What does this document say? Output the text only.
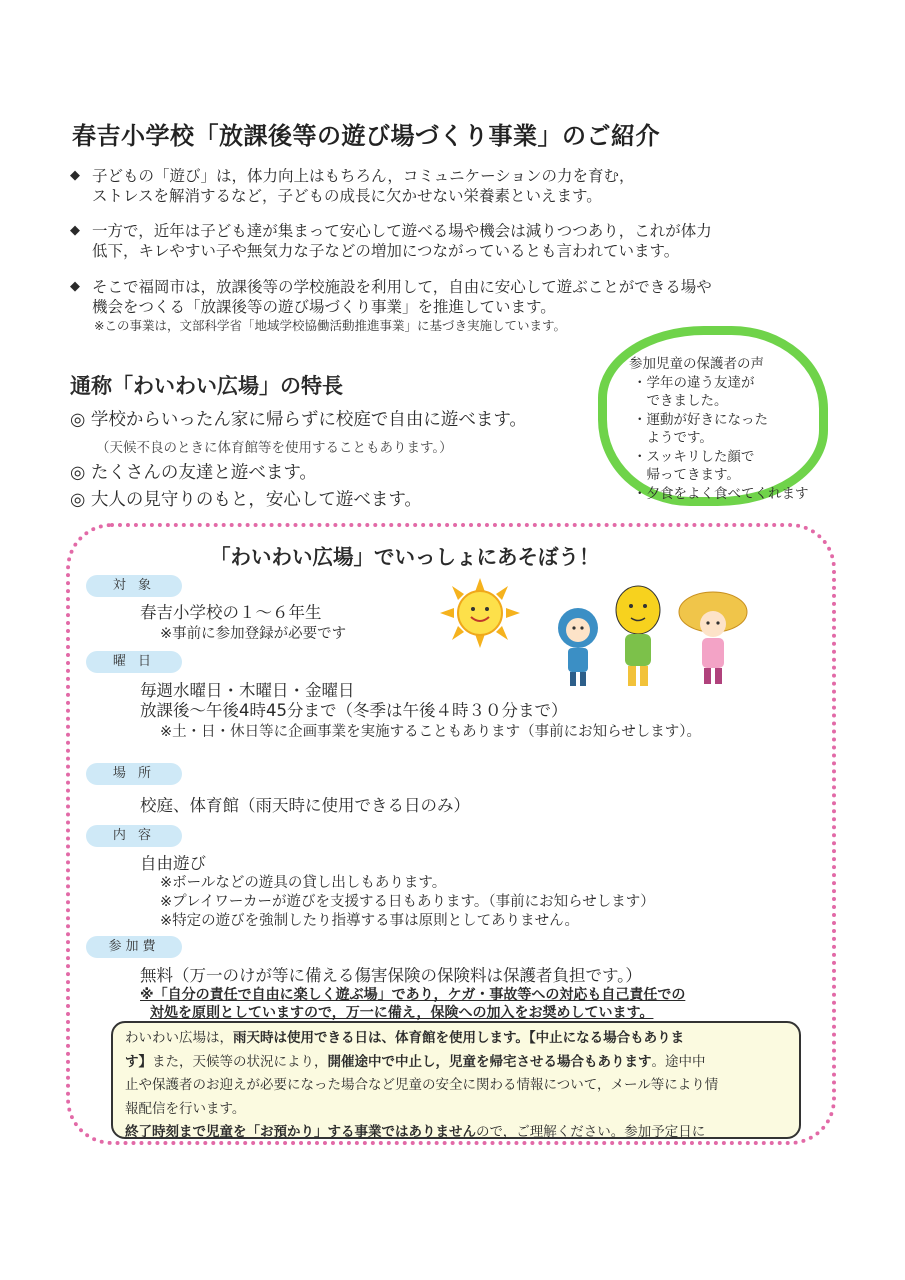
春吉小学校「放課後等の遊び場づくり事業」のご紹介
◆ 子どもの「遊び」は，体力向上はもちろん，コミュニケーションの力を育む，
ストレスを解消するなど，子どもの成長に欠かせない栄養素といえます。
◆ 一方で，近年は子ども達が集まって安心して遊べる場や機会は減りつつあり，これが体力
低下，キレやすい子や無気力な子などの増加につながっているとも言われています。
◆ そこで福岡市は，放課後等の学校施設を利用して，自由に安心して遊ぶことができる場や
機会をつくる「放課後等の遊び場づくり事業」を推進しています。
※この事業は，文部科学省「地域学校協働活動推進事業」に基づき実施しています。
通称「わいわい広場」の特長
◎ 学校からいったん家に帰らずに校庭で自由に遊べます。
（天候不良のときに体育館等を使用することもあります。）
◎ たくさんの友達と遊べます。
◎ 大人の見守りのもと，安心して遊べます。
参加児童の保護者の声
・学年の違う友達が
　できました。
・運動が好きになった
　ようです。
・スッキリした顔で
　帰ってきます。
・夕食をよく食べてくれます
「わいわい広場」でいっしょにあそぼう！
対 象
春吉小学校の１～６年生
※事前に参加登録が必要です
曜 日
毎週水曜日・木曜日・金曜日
放課後～午後4時45分まで（冬季は午後４時３０分まで）
※土・日・休日等に企画事業を実施することもあります（事前にお知らせします）。
場 所
校庭、体育館（雨天時に使用できる日のみ）
内 容
自由遊び
※ボールなどの遊具の貸し出しもあります。
※プレイワーカーが遊びを支援する日もあります。（事前にお知らせします）
※特定の遊びを強制したり指導する事は原則としてありません。
参加費
無料（万一のけが等に備える傷害保険の保険料は保護者負担です。）
※「自分の責任で自由に楽しく遊ぶ場」であり，ケガ・事故等への対応も自己責任での
対処を原則としていますので，万一に備え，保険への加入をお奨めしています。
わいわい広場は，雨天時は使用できる日は、体育館を使用します。【中止になる場合もありま
す】また，天候等の状況により，開催途中で中止し，児童を帰宅させる場合もあります。途中中
止や保護者のお迎えが必要になった場合など児童の安全に関わる情報について，メール等により情
報配信を行います。
終了時刻まで児童を「お預かり」する事業ではありませんので，ご理解ください。参加予定日に
